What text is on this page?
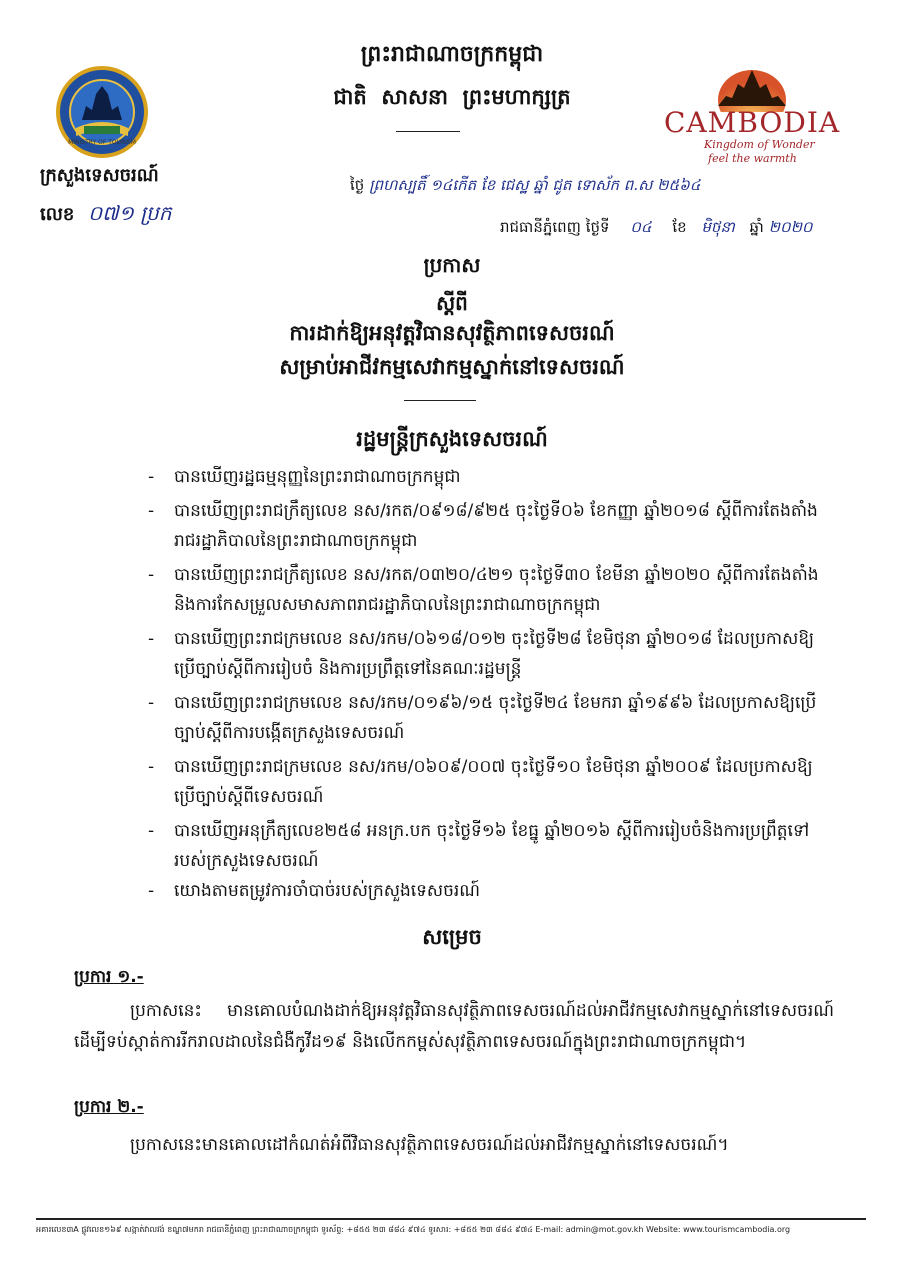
MINISTRY OF TOURISM
ក្រសួងទេសចរណ៍
លេខ ០៧១ ប្រក
ព្រះរាជាណាចក្រកម្ពុជា
ជាតិ  សាសនា  ព្រះមហាក្សត្រ
CAMBODIA
Kingdom of Wonder
feel the warmth
ថ្ងៃ ព្រហស្បតិ៍ ១៤កើត ខែ ជេស្ឋ ឆ្នាំ ជូត ទោស័ក ព.ស ២៥៦៤
រាជធានីភ្នំពេញ ថ្ងៃទី ០៤ ខែ មិថុនា ឆ្នាំ ២០២០
ប្រកាស
ស្តីពី
ការដាក់ឱ្យអនុវត្តវិធានសុវត្ថិភាពទេសចរណ៍
សម្រាប់អាជីវកម្មសេវាកម្មស្នាក់នៅទេសចរណ៍
រដ្ឋមន្ត្រីក្រសួងទេសចរណ៍
- បានឃើញរដ្ឋធម្មនុញ្ញនៃព្រះរាជាណាចក្រកម្ពុជា
- បានឃើញព្រះរាជក្រឹត្យលេខ នស/រកត/០៩១៨/៩២៥ ចុះថ្ងៃទី០៦ ខែកញ្ញា ឆ្នាំ២០១៨ ស្តីពីការតែងតាំងរាជរដ្ឋាភិបាលនៃព្រះរាជាណាចក្រកម្ពុជា
- បានឃើញព្រះរាជក្រឹត្យលេខ នស/រកត/០៣២០/៤២១ ចុះថ្ងៃទី៣០ ខែមីនា ឆ្នាំ២០២០ ស្តីពីការតែងតាំង និងការកែសម្រួលសមាសភាពរាជរដ្ឋាភិបាលនៃព្រះរាជាណាចក្រកម្ពុជា
- បានឃើញព្រះរាជក្រមលេខ នស/រកម/០៦១៨/០១២ ចុះថ្ងៃទី២៨ ខែមិថុនា ឆ្នាំ២០១៨ ដែលប្រកាសឱ្យប្រើច្បាប់ស្តីពីការរៀបចំ និងការប្រព្រឹត្តទៅនៃគណៈរដ្ឋមន្ត្រី
- បានឃើញព្រះរាជក្រមលេខ នស/រកម/០១៩៦/១៥ ចុះថ្ងៃទី២៤ ខែមករា ឆ្នាំ១៩៩៦ ដែលប្រកាសឱ្យប្រើច្បាប់ស្តីពីការបង្កើតក្រសួងទេសចរណ៍
- បានឃើញព្រះរាជក្រមលេខ នស/រកម/០៦០៩/០០៧ ចុះថ្ងៃទី១០ ខែមិថុនា ឆ្នាំ២០០៩ ដែលប្រកាសឱ្យប្រើច្បាប់ស្តីពីទេសចរណ៍
- បានឃើញអនុក្រឹត្យលេខ២៥៨ អនក្រ.បក ចុះថ្ងៃទី១៦ ខែធ្នូ ឆ្នាំ២០១៦ ស្តីពីការរៀបចំនិងការប្រព្រឹត្តទៅរបស់ក្រសួងទេសចរណ៍
- យោងតាមតម្រូវការចាំបាច់របស់ក្រសួងទេសចរណ៍
សម្រេច
ប្រការ ១.-
ប្រកាសនេះ មានគោលបំណងដាក់ឱ្យអនុវត្តវិធានសុវត្ថិភាពទេសចរណ៍ដល់អាជីវកម្មសេវាកម្មស្នាក់នៅទេសចរណ៍ ដើម្បីទប់ស្កាត់ការរីករាលដាលនៃជំងឺកូវីដ១៩ និងលើកកម្ពស់សុវត្ថិភាពទេសចរណ៍ក្នុងព្រះរាជាណាចក្រកម្ពុជា។
ប្រការ ២.-
ប្រកាសនេះមានគោលដៅកំណត់អំពីវិធានសុវត្ថិភាពទេសចរណ៍ដល់អាជីវកម្មស្នាក់នៅទេសចរណ៍។
អគារលេខ៣A ផ្លូវលេខ១៦៩ សង្កាត់វាលវង់ ខណ្ឌ៧មករា រាជធានីភ្នំពេញ ព្រះរាជាណាចក្រកម្ពុជា ទូរស័ព្ទ: +៨៥៥ ២៣ ៨៨៤ ៩៧៤ ទូរសារ: +៨៥៥ ២៣ ៨៨៤ ៩៧៤ E-mail: admin@mot.gov.kh Website: www.tourismcambodia.org
